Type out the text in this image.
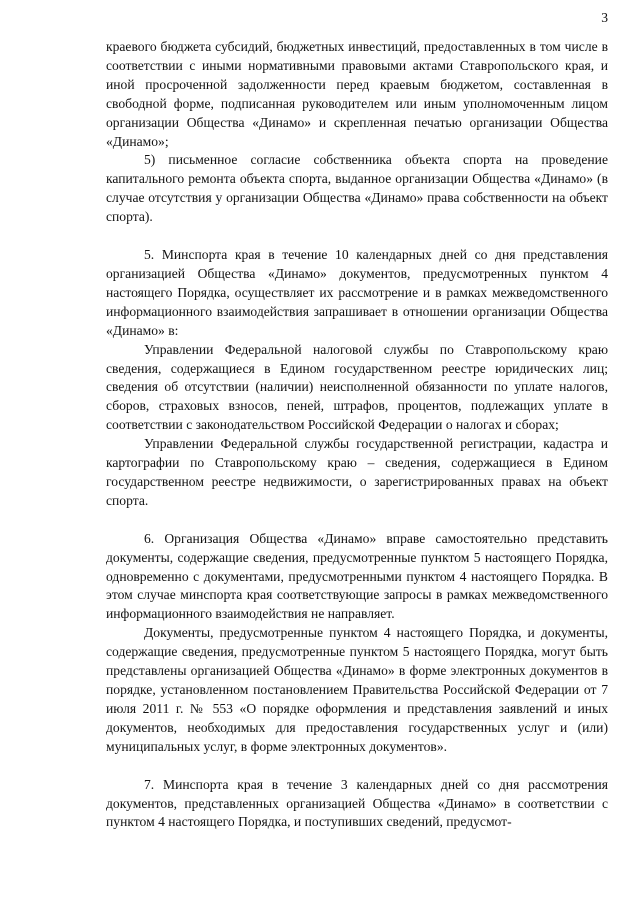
3

краевого бюджета субсидий, бюджетных инвестиций, предоставленных в том числе в соответствии с иными нормативными правовыми актами Ставропольского края, и иной просроченной задолженности перед краевым бюджетом, составленная в свободной форме, подписанная руководителем или иным уполномоченным лицом организации Общества «Динамо» и скрепленная печатью организации Общества «Динамо»;

5) письменное согласие собственника объекта спорта на проведение капитального ремонта объекта спорта, выданное организации Общества «Динамо» (в случае отсутствия у организации Общества «Динамо» права собственности на объект спорта).

5. Минспорта края в течение 10 календарных дней со дня представления организацией Общества «Динамо» документов, предусмотренных пунктом 4 настоящего Порядка, осуществляет их рассмотрение и в рамках межведомственного информационного взаимодействия запрашивает в отношении организации Общества «Динамо» в:

Управлении Федеральной налоговой службы по Ставропольскому краю сведения, содержащиеся в Едином государственном реестре юридических лиц; сведения об отсутствии (наличии) неисполненной обязанности по уплате налогов, сборов, страховых взносов, пеней, штрафов, процентов, подлежащих уплате в соответствии с законодательством Российской Федерации о налогах и сборах;

Управлении Федеральной службы государственной регистрации, кадастра и картографии по Ставропольскому краю – сведения, содержащиеся в Едином государственном реестре недвижимости, о зарегистрированных правах на объект спорта.

6. Организация Общества «Динамо» вправе самостоятельно представить документы, содержащие сведения, предусмотренные пунктом 5 настоящего Порядка, одновременно с документами, предусмотренными пунктом 4 настоящего Порядка. В этом случае минспорта края соответствующие запросы в рамках межведомственного информационного взаимодействия не направляет.

Документы, предусмотренные пунктом 4 настоящего Порядка, и документы, содержащие сведения, предусмотренные пунктом 5 настоящего Порядка, могут быть представлены организацией Общества «Динамо» в форме электронных документов в порядке, установленном постановлением Правительства Российской Федерации от 7 июля 2011 г. № 553 «О порядке оформления и представления заявлений и иных документов, необходимых для предоставления государственных услуг и (или) муниципальных услуг, в форме электронных документов».

7. Минспорта края в течение 3 календарных дней со дня рассмотрения документов, представленных организацией Общества «Динамо» в соответствии с пунктом 4 настоящего Порядка, и поступивших сведений, предусмот-
